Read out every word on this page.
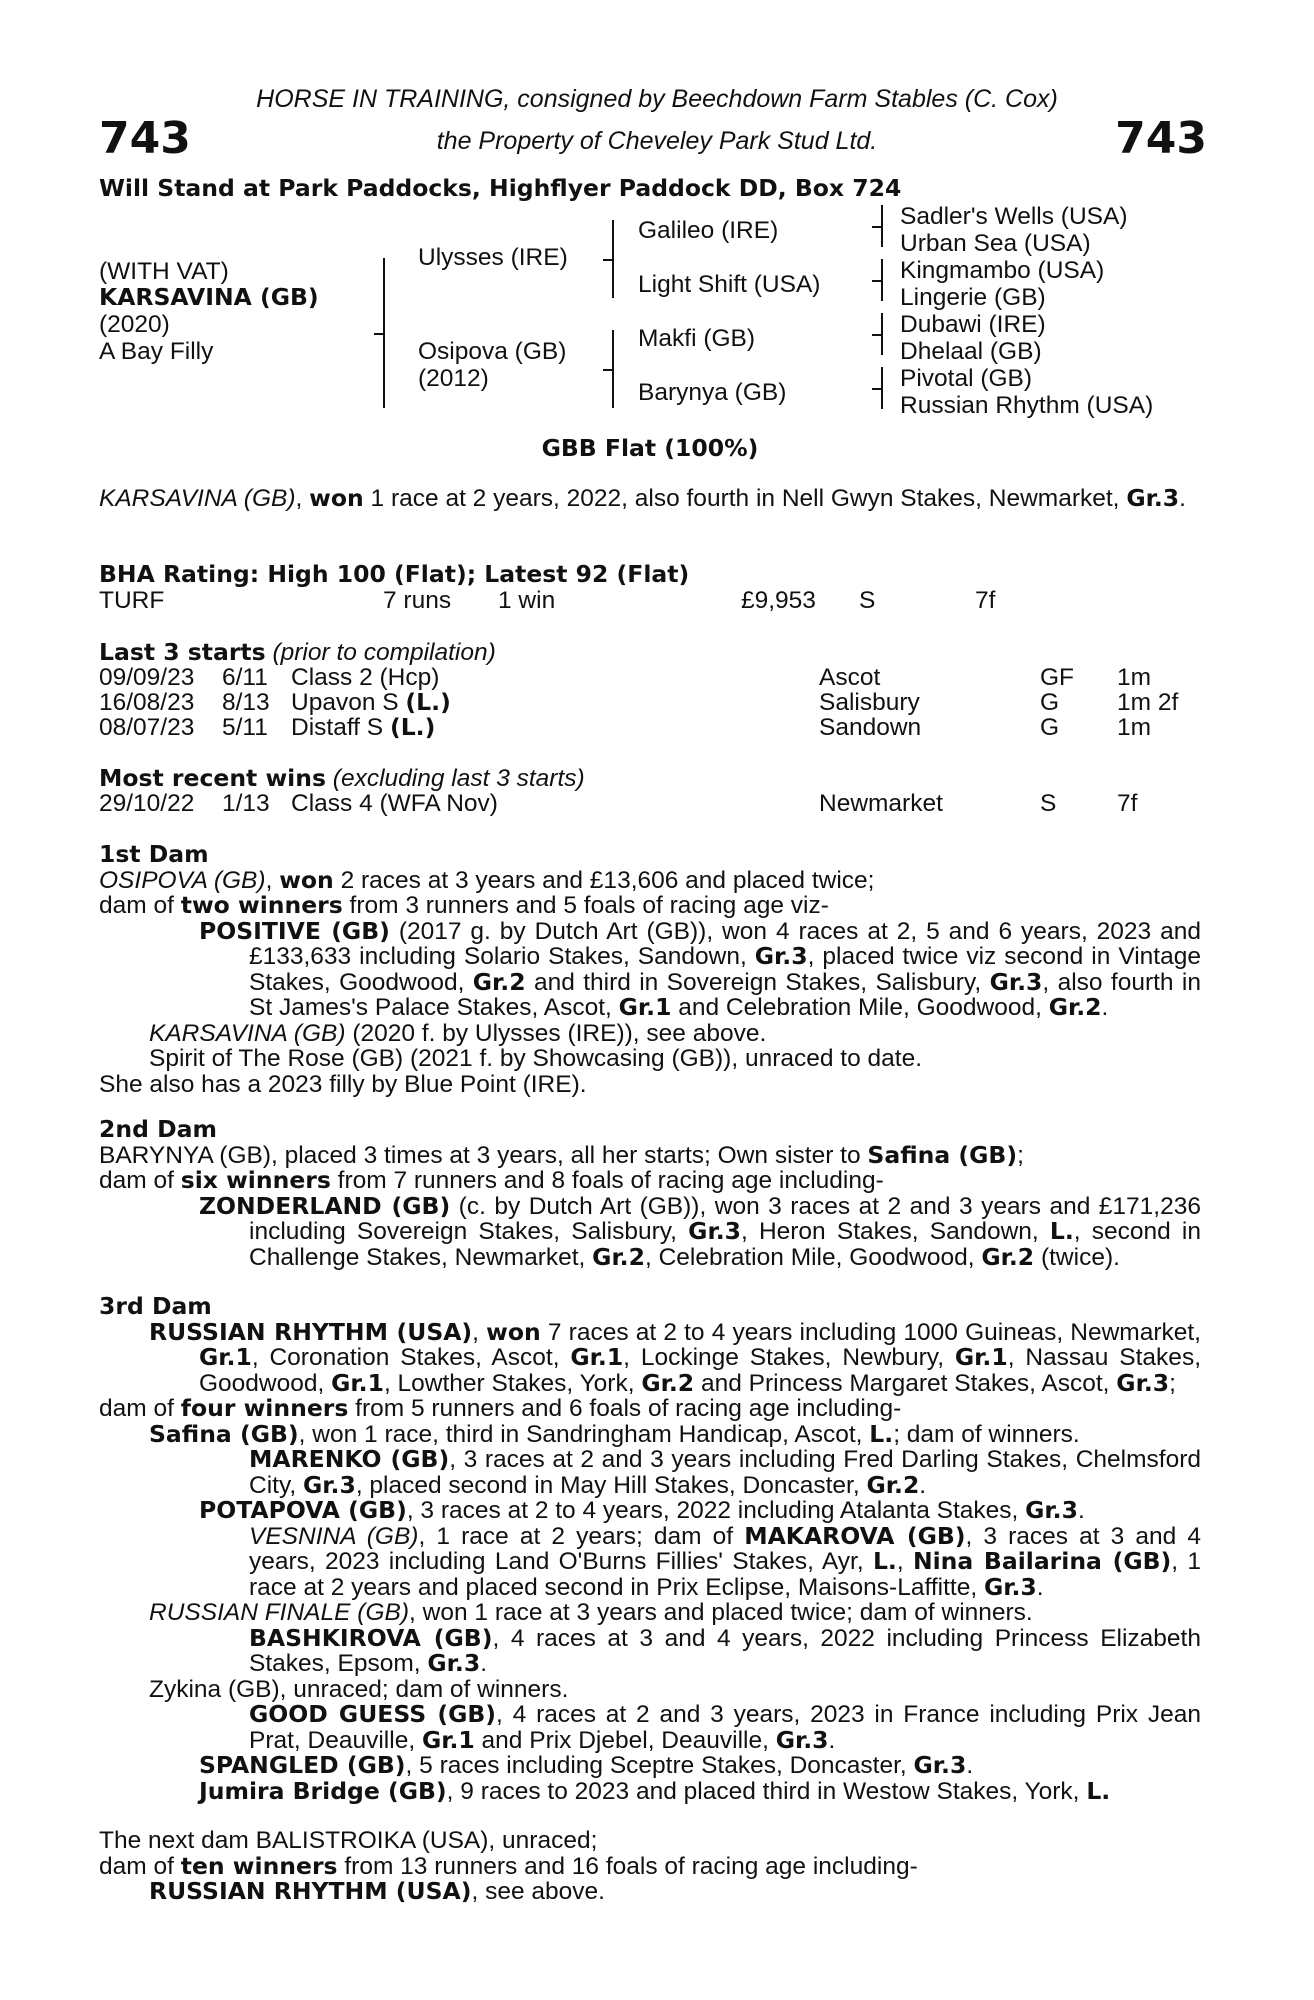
743	743
HORSE IN TRAINING, consigned by Beechdown Farm Stables (C. Cox)
the Property of Cheveley Park Stud Ltd.
Will Stand at Park Paddocks, Highflyer Paddock DD, Box 724
(WITH VAT)
KARSAVINA (GB)
(2020)
A Bay Filly
Ulysses (IRE)
Osipova (GB)
(2012)
Galileo (IRE)
Light Shift (USA)
Makfi (GB)
Barynya (GB)
Sadler's Wells (USA)
Urban Sea (USA)
Kingmambo (USA)
Lingerie (GB)
Dubawi (IRE)
Dhelaal (GB)
Pivotal (GB)
Russian Rhythm (USA)
GBB Flat (100%)

KARSAVINA (GB), won 1 race at 2 years, 2022, also fourth in Nell Gwyn Stakes, Newmarket, Gr.3.

BHA Rating: High 100 (Flat); Latest 92 (Flat)
TURF	7 runs 1 win	£9,953 S	7f
Last 3 starts (prior to compilation)
09/09/23 6/11 Class 2 (Hcp)	Ascot	GF 1m
16/08/23 8/13 Upavon S (L.)	Salisbury	G 1m 2f
08/07/23 5/11 Distaff S (L.)	Sandown	G 1m
Most recent wins (excluding last 3 starts)
29/10/22 1/13 Class 4 (WFA Nov)	Newmarket	S 7f

1st Dam

OSIPOVA (GB), won 2 races at 3 years and £13,606 and placed twice;

dam of two winners from 3 runners and 5 foals of racing age viz-

POSITIVE (GB) (2017 g. by Dutch Art (GB)), won 4 races at 2, 5 and 6 years, 2023 and £133,633 including Solario Stakes, Sandown, Gr.3, placed twice viz second in Vintage Stakes, Goodwood, Gr.2 and third in Sovereign Stakes, Salisbury, Gr.3, also fourth in St James's Palace Stakes, Ascot, Gr.1 and Celebration Mile, Goodwood, Gr.2.

KARSAVINA (GB) (2020 f. by Ulysses (IRE)), see above.

Spirit of The Rose (GB) (2021 f. by Showcasing (GB)), unraced to date.

She also has a 2023 filly by Blue Point (IRE).

2nd Dam

BARYNYA (GB), placed 3 times at 3 years, all her starts; Own sister to Safina (GB);

dam of six winners from 7 runners and 8 foals of racing age including-

ZONDERLAND (GB) (c. by Dutch Art (GB)), won 3 races at 2 and 3 years and £171,236 including Sovereign Stakes, Salisbury, Gr.3, Heron Stakes, Sandown, L., second in Challenge Stakes, Newmarket, Gr.2, Celebration Mile, Goodwood, Gr.2 (twice).

3rd Dam

RUSSIAN RHYTHM (USA), won 7 races at 2 to 4 years including 1000 Guineas, Newmarket, Gr.1, Coronation Stakes, Ascot, Gr.1, Lockinge Stakes, Newbury, Gr.1, Nassau Stakes, Goodwood, Gr.1, Lowther Stakes, York, Gr.2 and Princess Margaret Stakes, Ascot, Gr.3;

dam of four winners from 5 runners and 6 foals of racing age including-

Safina (GB), won 1 race, third in Sandringham Handicap, Ascot, L.; dam of winners.

MARENKO (GB), 3 races at 2 and 3 years including Fred Darling Stakes, Chelmsford City, Gr.3, placed second in May Hill Stakes, Doncaster, Gr.2.

POTAPOVA (GB), 3 races at 2 to 4 years, 2022 including Atalanta Stakes, Gr.3.

VESNINA (GB), 1 race at 2 years; dam of MAKAROVA (GB), 3 races at 3 and 4 years, 2023 including Land O'Burns Fillies' Stakes, Ayr, L., Nina Bailarina (GB), 1 race at 2 years and placed second in Prix Eclipse, Maisons-Laffitte, Gr.3.

RUSSIAN FINALE (GB), won 1 race at 3 years and placed twice; dam of winners.

BASHKIROVA (GB), 4 races at 3 and 4 years, 2022 including Princess Elizabeth Stakes, Epsom, Gr.3.

Zykina (GB), unraced; dam of winners.

GOOD GUESS (GB), 4 races at 2 and 3 years, 2023 in France including Prix Jean Prat, Deauville, Gr.1 and Prix Djebel, Deauville, Gr.3.

SPANGLED (GB), 5 races including Sceptre Stakes, Doncaster, Gr.3.

Jumira Bridge (GB), 9 races to 2023 and placed third in Westow Stakes, York, L.

The next dam BALISTROIKA (USA), unraced;

dam of ten winners from 13 runners and 16 foals of racing age including-

RUSSIAN RHYTHM (USA), see above.
